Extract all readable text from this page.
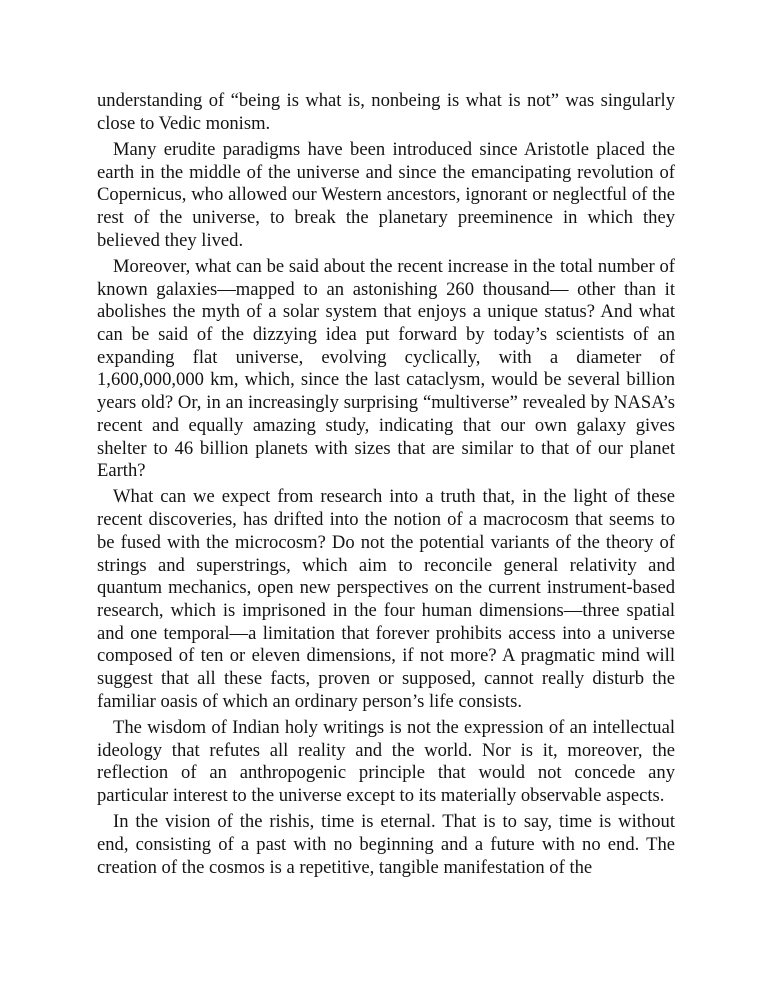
understanding of “being is what is, nonbeing is what is not” was singularly close to Vedic monism.

Many erudite paradigms have been introduced since Aristotle placed the earth in the middle of the universe and since the emancipating revolution of Copernicus, who allowed our Western ancestors, ignorant or neglectful of the rest of the universe, to break the planetary preeminence in which they believed they lived.

Moreover, what can be said about the recent increase in the total number of known galaxies—mapped to an astonishing 260 thousand— other than it abolishes the myth of a solar system that enjoys a unique status? And what can be said of the dizzying idea put forward by today’s scientists of an expanding flat universe, evolving cyclically, with a diameter of 1,600,000,000 km, which, since the last cataclysm, would be several billion years old? Or, in an increasingly surprising “multiverse” revealed by NASA’s recent and equally amazing study, indicating that our own galaxy gives shelter to 46 billion planets with sizes that are similar to that of our planet Earth?

What can we expect from research into a truth that, in the light of these recent discoveries, has drifted into the notion of a macrocosm that seems to be fused with the microcosm? Do not the potential variants of the theory of strings and superstrings, which aim to reconcile general relativity and quantum mechanics, open new perspectives on the current instrument-based research, which is imprisoned in the four human dimensions—three spatial and one temporal—a limitation that forever prohibits access into a universe composed of ten or eleven dimensions, if not more? A pragmatic mind will suggest that all these facts, proven or supposed, cannot really disturb the familiar oasis of which an ordinary person’s life consists.

The wisdom of Indian holy writings is not the expression of an intellectual ideology that refutes all reality and the world. Nor is it, moreover, the reflection of an anthropogenic principle that would not concede any particular interest to the universe except to its materially observable aspects.

In the vision of the rishis, time is eternal. That is to say, time is without end, consisting of a past with no beginning and a future with no end. The creation of the cosmos is a repetitive, tangible manifestation of the
